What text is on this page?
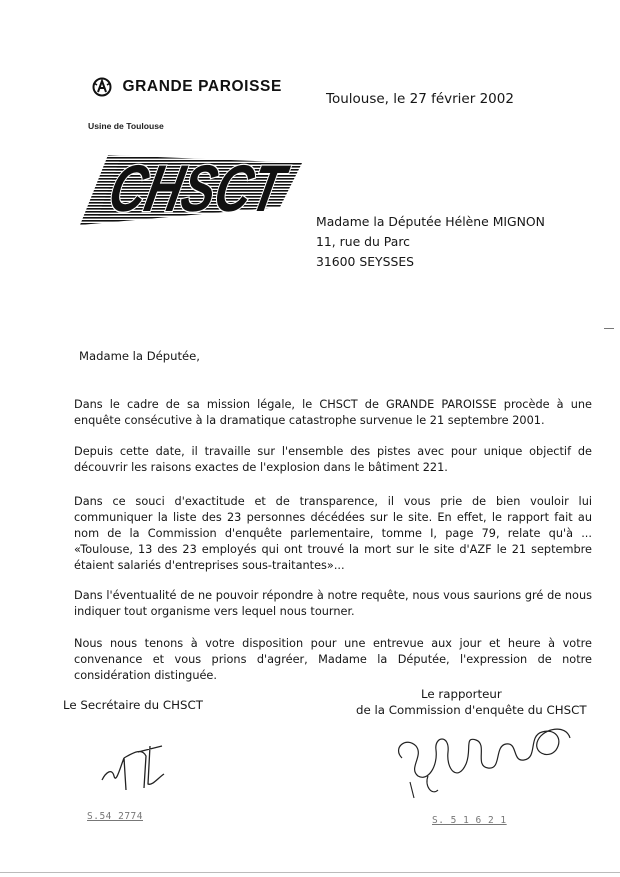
GRANDE PAROISSE
Usine de Toulouse
CHSCT
Toulouse, le 27 février 2002
Madame la Députée Hélène MIGNON
11, rue du Parc
31600 SEYSSES
Madame la Députée,
Dans le cadre de sa mission légale, le CHSCT de GRANDE PAROISSE procède à une enquête consécutive à la dramatique catastrophe survenue le 21 septembre 2001.
Depuis cette date, il travaille sur l'ensemble des pistes avec pour unique objectif de découvrir les raisons exactes de l'explosion dans le bâtiment 221.
Dans ce souci d'exactitude et de transparence, il vous prie de bien vouloir lui communiquer la liste des 23 personnes décédées sur le site. En effet, le rapport fait au nom de la Commission d'enquête parlementaire, tomme I, page 79, relate qu'à ... «Toulouse, 13 des 23 employés qui ont trouvé la mort sur le site d'AZF le 21 septembre étaient salariés d'entreprises sous-traitantes»...
Dans l'éventualité de ne pouvoir répondre à notre requête, nous vous saurions gré de nous indiquer tout organisme vers lequel nous tourner.
Nous nous tenons à votre disposition pour une entrevue aux jour et heure à votre convenance et vous prions d'agréer, Madame la Députée, l'expression de notre considération distinguée.
Le Secrétaire du CHSCT
Le rapporteur
de la Commission d'enquête du CHSCT
S.54 2774	S. 5 1 6 2 1
